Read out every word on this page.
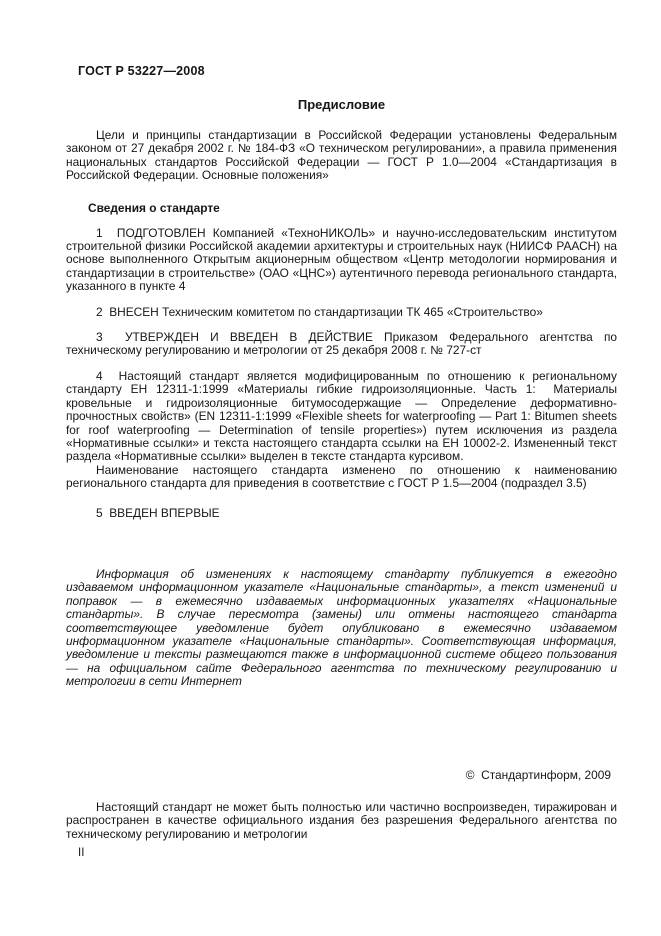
ГОСТ Р 53227—2008
Предисловие

Цели и принципы стандартизации в Российской Федерации установлены Федеральным законом от 27 декабря 2002 г. № 184-ФЗ «О техническом регулировании», а правила применения национальных стандартов Российской Федерации — ГОСТ Р 1.0—2004 «Стандартизация в Российской Федерации. Основные положения»

Сведения о стандарте

1  ПОДГОТОВЛЕН Компанией «ТехноНИКОЛЬ» и научно-исследовательским институтом строительной физики Российской академии архитектуры и строительных наук (НИИСФ РААСН) на основе выполненного Открытым акционерным обществом «Центр методологии нормирования и стандартизации в строительстве» (ОАО «ЦНС») аутентичного перевода регионального стандарта, указанного в пункте 4

2  ВНЕСЕН Техническим комитетом по стандартизации ТК 465 «Строительство»

3  УТВЕРЖДЕН И ВВЕДЕН В ДЕЙСТВИЕ Приказом Федерального агентства по техническому регулированию и метрологии от 25 декабря 2008 г. № 727-ст

4  Настоящий стандарт является модифицированным по отношению к региональному стандарту ЕН 12311-1:1999 «Материалы гибкие гидроизоляционные. Часть 1:  Материалы кровельные и гидроизоляционные битумосодержащие — Определение деформативно-прочностных свойств» (EN 12311-1:1999 «Flexible sheets for waterproofing — Part 1: Bitumen sheets for roof waterproofing — Determination of tensile properties») путем исключения из раздела «Нормативные ссылки» и текста настоящего стандарта ссылки на ЕН 10002-2. Измененный текст раздела «Нормативные ссылки» выделен в тексте стандарта курсивом.

Наименование настоящего стандарта изменено по отношению к наименованию регионального стандарта для приведения в соответствие с ГОСТ Р 1.5—2004 (подраздел 3.5)

5  ВВЕДЕН ВПЕРВЫЕ

Информация об изменениях к настоящему стандарту публикуется в ежегодно издаваемом информационном указателе «Национальные стандарты», а текст изменений и поправок — в ежемесячно издаваемых информационных указателях «Национальные стандарты». В случае пересмотра (замены) или отмены настоящего стандарта соответствующее уведомление будет опубликовано в ежемесячно издаваемом информационном указателе «Национальные стандарты». Соответствующая информация, уведомление и тексты размещаются также в информационной системе общего пользования — на официальном сайте Федерального агентства по техническому регулированию и метрологии в сети Интернет

©  Стандартинформ, 2009

Настоящий стандарт не может быть полностью или частично воспроизведен, тиражирован и распространен в качестве официального издания без разрешения Федерального агентства по техническому регулированию и метрологии

II
